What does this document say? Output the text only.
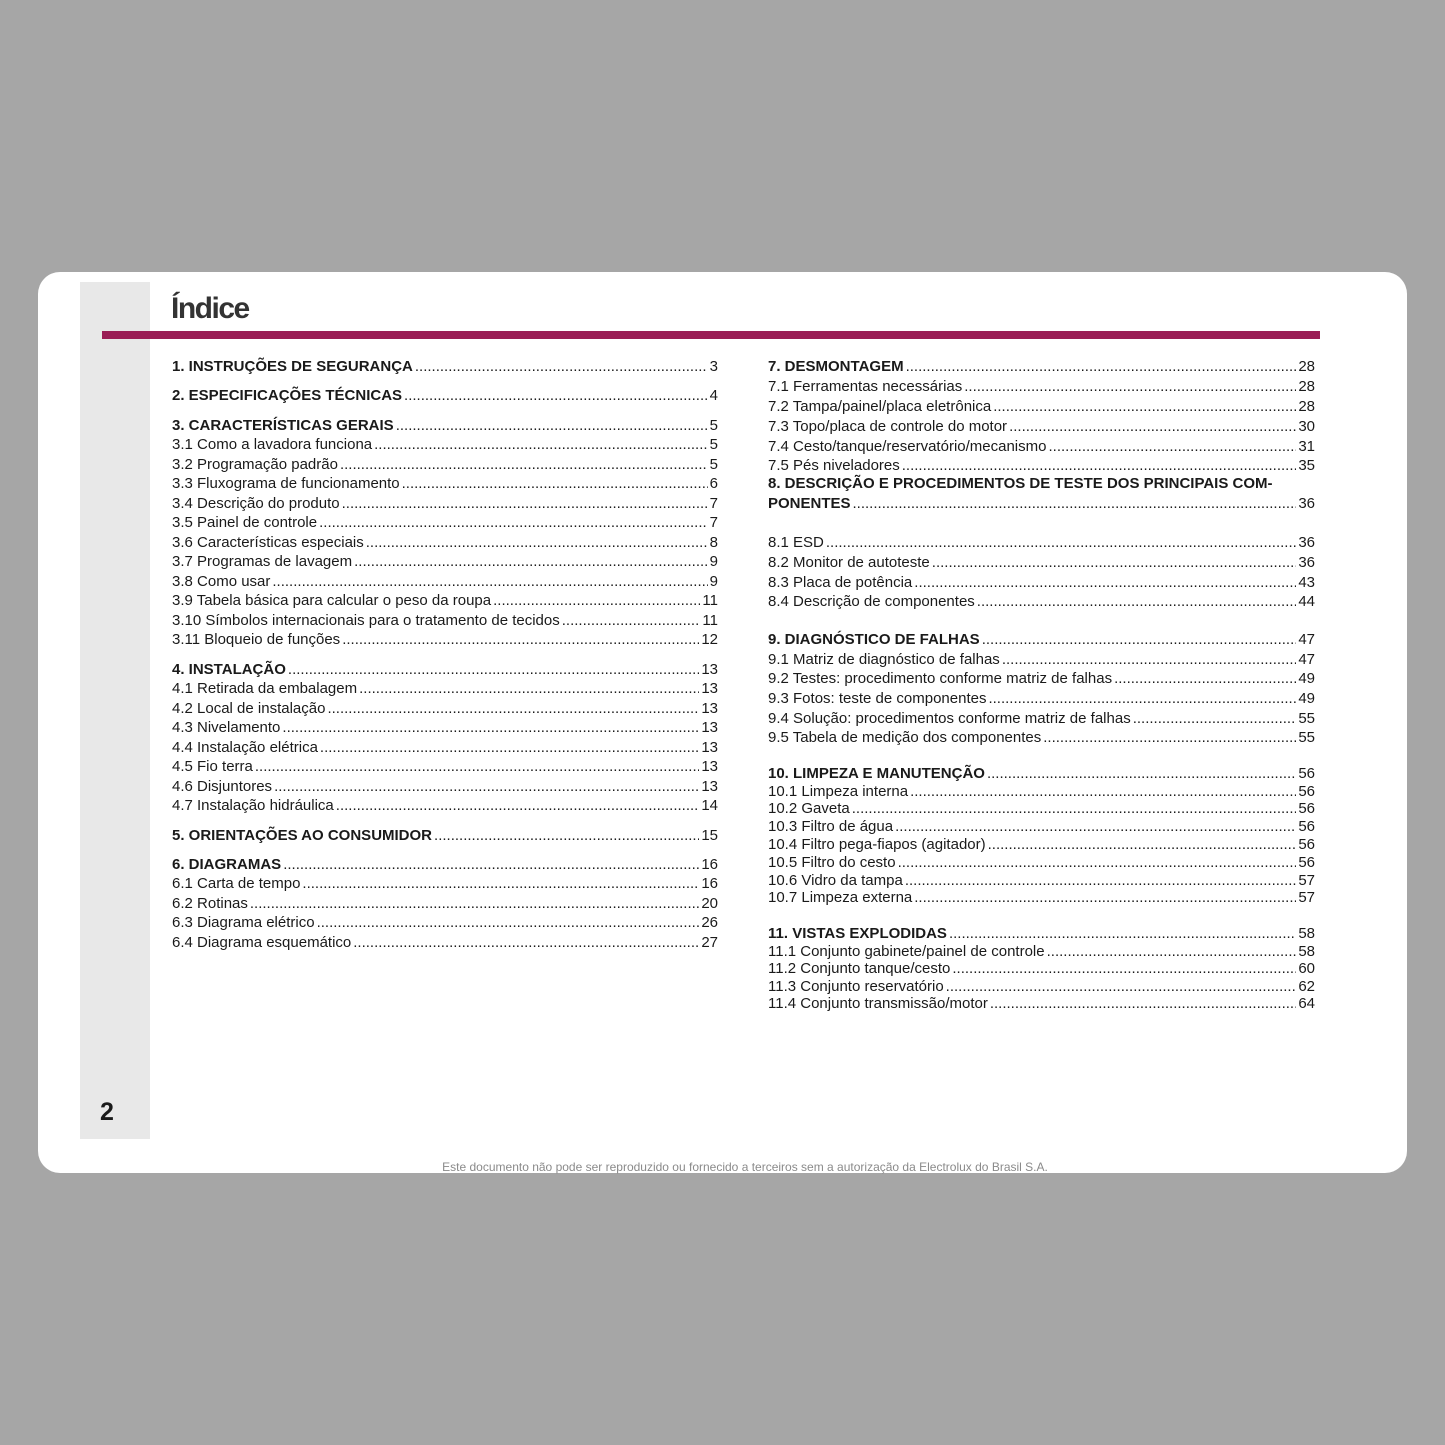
2
Índice
1. INSTRUÇÕES DE SEGURANÇA .....	3
2. ESPECIFICAÇÕES TÉCNICAS .....	4
3. CARACTERÍSTICAS GERAIS .....	5
3.1 Como a lavadora funciona .....	5
3.2 Programação padrão .....	5
3.3 Fluxograma de funcionamento .....	6
3.4 Descrição do produto .....	7
3.5 Painel de controle .....	7
3.6 Características especiais .....	8
3.7 Programas de lavagem .....	9
3.8 Como usar .....	9
3.9 Tabela básica para calcular o peso da roupa .....	11
3.10 Símbolos internacionais para o tratamento de tecidos .....	11
3.11 Bloqueio de funções .....	12
4. INSTALAÇÃO .....	13
4.1 Retirada da embalagem .....	13
4.2 Local de instalação .....	13
4.3 Nivelamento .....	13
4.4 Instalação elétrica .....	13
4.5 Fio terra .....	13
4.6 Disjuntores .....	13
4.7 Instalação hidráulica .....	14
5. ORIENTAÇÕES AO CONSUMIDOR .....	15
6. DIAGRAMAS .....	16
6.1 Carta de tempo .....	16
6.2 Rotinas .....	20
6.3 Diagrama elétrico .....	26
6.4 Diagrama esquemático .....	27
7. DESMONTAGEM .....	28
7.1 Ferramentas necessárias .....	28
7.2 Tampa/painel/placa eletrônica .....	28
7.3 Topo/placa de controle do motor .....	30
7.4 Cesto/tanque/reservatório/mecanismo .....	31
7.5 Pés niveladores .....	35
8. DESCRIÇÃO E PROCEDIMENTOS DE TESTE DOS PRINCIPAIS COM-
PONENTES .....	36
8.1 ESD .....	36
8.2 Monitor de autoteste .....	36
8.3 Placa de potência .....	43
8.4 Descrição de componentes .....	44
9. DIAGNÓSTICO DE FALHAS .....	47
9.1 Matriz de diagnóstico de falhas .....	47
9.2 Testes: procedimento conforme matriz de falhas .....	49
9.3 Fotos: teste de componentes .....	49
9.4 Solução: procedimentos conforme matriz de falhas .....	55
9.5 Tabela de medição dos componentes .....	55
10. LIMPEZA E MANUTENÇÃO .....	56
10.1 Limpeza interna .....	56
10.2 Gaveta .....	56
10.3 Filtro de água .....	56
10.4 Filtro pega-fiapos (agitador) .....	56
10.5 Filtro do cesto .....	56
10.6 Vidro da tampa .....	57
10.7 Limpeza externa .....	57
11. VISTAS EXPLODIDAS .....	58
11.1 Conjunto gabinete/painel de controle .....	58
11.2 Conjunto tanque/cesto .....	60
11.3 Conjunto reservatório .....	62
11.4 Conjunto transmissão/motor .....	64
Este documento não pode ser reproduzido ou fornecido a terceiros sem a autorização da Electrolux do Brasil S.A.
